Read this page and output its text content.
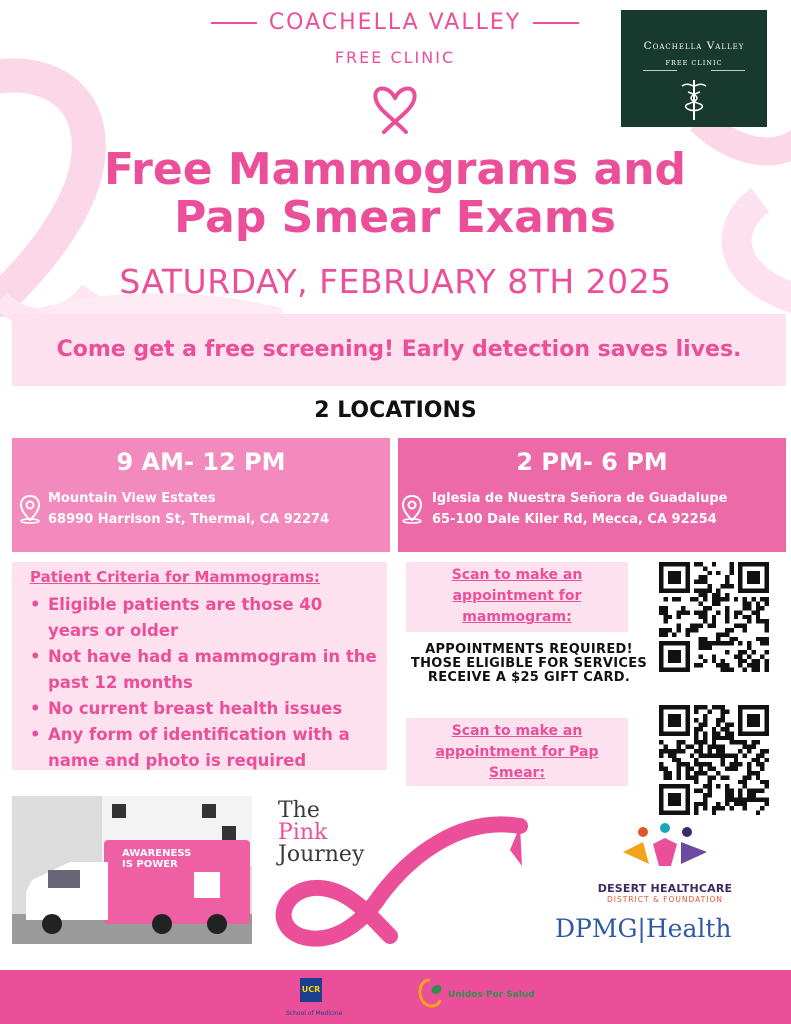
COACHELLA VALLEY
FREE CLINIC
Coachella Valley
FREE CLINIC
Free Mammograms and
Pap Smear Exams
SATURDAY, FEBRUARY 8TH 2025
Come get a free screening! Early detection saves lives.
2 LOCATIONS
9 AM- 12 PM
Mountain View Estates
68990 Harrison St, Thermal, CA 92274
2 PM- 6 PM
Iglesia de Nuestra Señora de Guadalupe
65-100 Dale Kiler Rd, Mecca, CA 92254
Patient Criteria for Mammograms:
• Eligible patients are those 40 years or older
• Not have had a mammogram in the past 12 months
• No current breast health issues
• Any form of identification with a name and photo is required
Scan to make an appointment for mammogram:
APPOINTMENTS REQUIRED! THOSE ELIGIBLE FOR SERVICES RECEIVE A $25 GIFT CARD.
Scan to make an appointment for Pap Smear:
AWARENESS IS POWER
The
Pink
Journey
DESERT HEALTHCARE
DISTRICT & FOUNDATION
DPMG|Health
UCR
School of Medicine
Unidos Por Salud
